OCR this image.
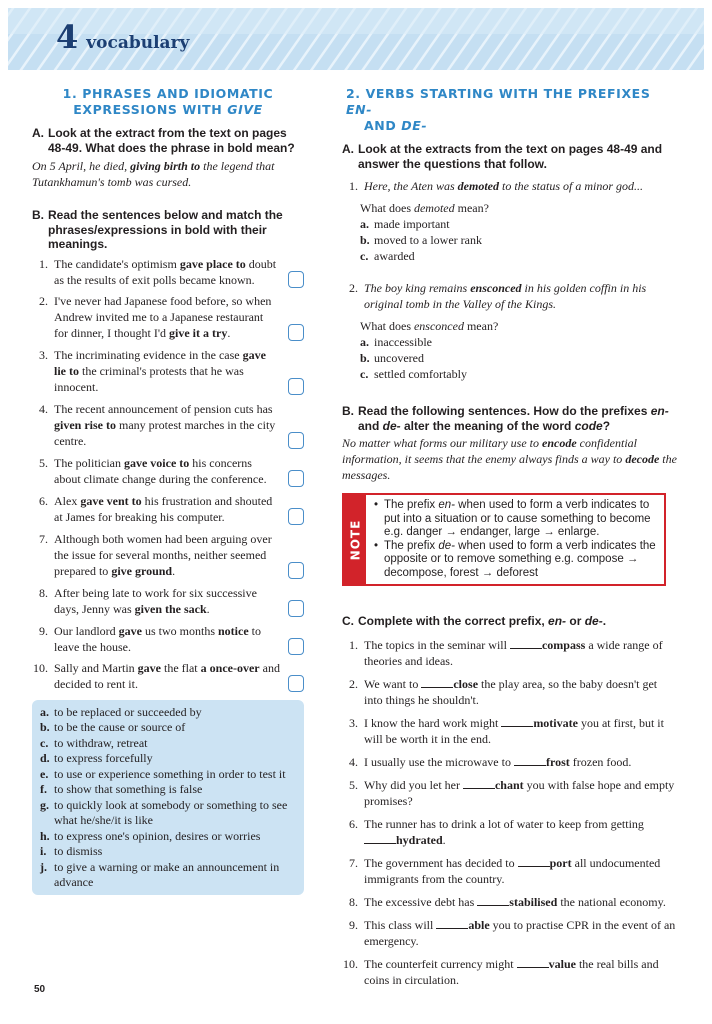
4 vocabulary
1. PHRASES AND IDIOMATIC
EXPRESSIONS WITH GIVE
A. Look at the extract from the text on pages 48-49. What does the phrase in bold mean?
On 5 April, he died, giving birth to the legend that Tutankhamun's tomb was cursed.
B. Read the sentences below and match the phrases/expressions in bold with their meanings.
1. The candidate's optimism gave place to doubt as the results of exit polls became known.
2. I've never had Japanese food before, so when Andrew invited me to a Japanese restaurant for dinner, I thought I'd give it a try.
3. The incriminating evidence in the case gave lie to the criminal's protests that he was innocent.
4. The recent announcement of pension cuts has given rise to many protest marches in the city centre.
5. The politician gave voice to his concerns about climate change during the conference.
6. Alex gave vent to his frustration and shouted at James for breaking his computer.
7. Although both women had been arguing over the issue for several months, neither seemed prepared to give ground.
8. After being late to work for six successive days, Jenny was given the sack.
9. Our landlord gave us two months notice to leave the house.
10. Sally and Martin gave the flat a once-over and decided to rent it.
a. to be replaced or succeeded by
b. to be the cause or source of
c. to withdraw, retreat
d. to express forcefully
e. to use or experience something in order to test it
f. to show that something is false
g. to quickly look at somebody or something to see what he/she/it is like
h. to express one's opinion, desires or worries
i. to dismiss
j. to give a warning or make an announcement in advance
2. VERBS STARTING WITH THE PREFIXES EN-
AND DE-
A. Look at the extracts from the text on pages 48-49 and answer the questions that follow.
1. Here, the Aten was demoted to the status of a minor god...
What does demoted mean?
a. made important
b. moved to a lower rank
c. awarded
2. The boy king remains ensconced in his golden coffin in his original tomb in the Valley of the Kings.
What does ensconced mean?
a. inaccessible
b. uncovered
c. settled comfortably
B. Read the following sentences. How do the prefixes en- and de- alter the meaning of the word code?
No matter what forms our military use to encode confidential information, it seems that the enemy always finds a way to decode the messages.
NOTE
• The prefix en- when used to form a verb indicates to put into a situation or to cause something to become e.g. danger → endanger, large → enlarge.
• The prefix de- when used to form a verb indicates the opposite or to remove something e.g. compose → decompose, forest → deforest
C. Complete with the correct prefix, en- or de-.
1. The topics in the seminar will	compass a wide range of theories and ideas.
2. We want to	close the play area, so the baby doesn't get into things he shouldn't.
3. I know the hard work might	motivate you at first, but it will be worth it in the end.
4. I usually use the microwave to	frost frozen food.
5. Why did you let her	chant you with false hope and empty promises?
6. The runner has to drink a lot of water to keep from getting hydrated.
7. The government has decided to	port all undocumented immigrants from the country.
8. The excessive debt has	stabilised the national economy.
9. This class will	able you to practise CPR in the event of an emergency.
10. The counterfeit currency might	value the real bills and coins in circulation.
50
